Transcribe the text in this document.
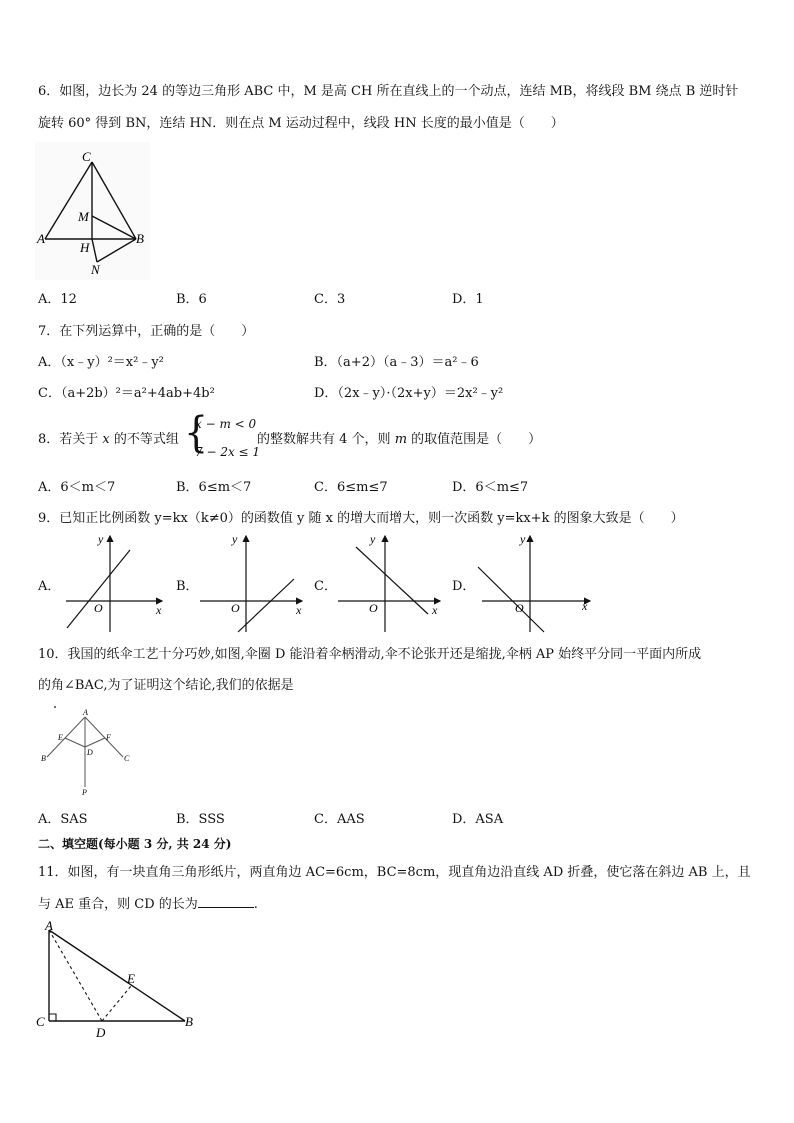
6．如图，边长为 24 的等边三角形 ABC 中，M 是高 CH 所在直线上的一个动点，连结 MB，将线段 BM 绕点 B 逆时针
旋转 60° 得到 BN，连结 HN．则在点 M 运动过程中，线段 HN 长度的最小值是（　　）
C
M
A
H
B
N
A．12	B．6	C．3	D．1
7．在下列运算中，正确的是（　　）
A．（x﹣y）²＝x²﹣y²	B．（a+2）（a﹣3）＝a²﹣6
C．（a+2b）²＝a²+4ab+4b²	D．（2x﹣y）·（2x+y）＝2x²﹣y²
8．若关于 x 的不等式组 {
x − m < 0
7 − 2x ≤ 1
的整数解共有 4 个，则 m 的取值范围是（　　）
A．6＜m＜7	B．6≤m＜7	C．6≤m≤7	D．6＜m≤7
9．已知正比例函数 y=kx（k≠0）的函数值 y 随 x 的增大而增大，则一次函数 y=kx+k 的图象大致是（　　）
A．
x
y
O
B．
x
y
O
C．
x
y
O
D．
x
y
O
10．我国的纸伞工艺十分巧妙,如图,伞圈 D 能沿着伞柄滑动,伞不论张开还是缩拢,伞柄 AP 始终平分同一平面内所成
的角∠BAC,为了证明这个结论,我们的依据是
A
E	F
B	C
D
P
A．SAS	B．SSS	C．AAS	D．ASA
二、填空题(每小题 3 分, 共 24 分)
11．如图，有一块直角三角形纸片，两直角边 AC=6cm，BC=8cm，现直角边沿直线 AD 折叠，使它落在斜边 AB 上，且
与 AE 重合，则 CD 的长为	.
A
E
C
D
B
